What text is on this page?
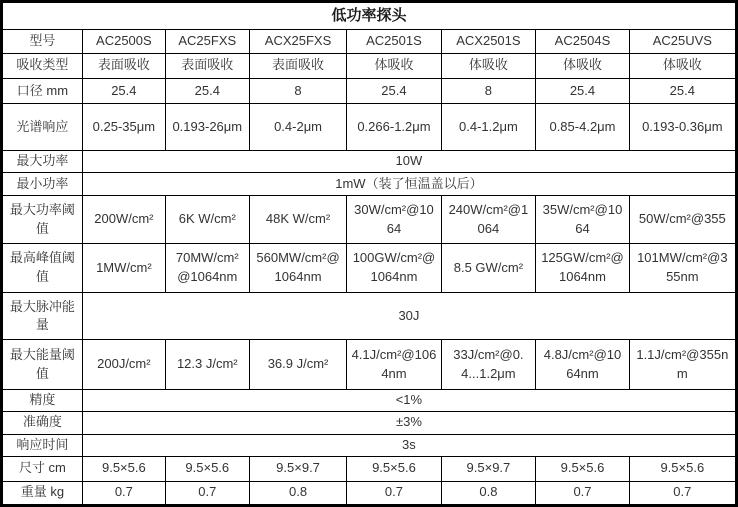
低功率探头							
型号	AC2500S	AC25FXS	ACX25FXS	AC2501S	ACX2501S	AC2504S	AC25UVS
吸收类型	表面吸收	表面吸收	表面吸收	体吸收	体吸收	体吸收	体吸收
口径 mm	25.4	25.4	8	25.4	8	25.4	25.4
光谱响应	0.25-35μm	0.193-26μm	0.4-2μm	0.266-1.2μm	0.4-1.2μm	0.85-4.2μm	0.193-0.36μm
最大功率	10W						
最小功率	1mW（装了恒温盖以后）						
最大功率阈值	200W/cm²	6K W/cm²	48K W/cm²	30W/cm²@1064	240W/cm²@1064	35W/cm²@1064	50W/cm²@355
最高峰值阈值	1MW/cm²	70MW/cm²@1064nm	560MW/cm²@1064nm	100GW/cm²@1064nm	8.5 GW/cm²	125GW/cm²@1064nm	101MW/cm²@355nm
最大脉冲能量	30J						
最大能量阈值	200J/cm²	12.3 J/cm²	36.9 J/cm²	4.1J/cm²@1064nm	33J/cm²@0.4...1.2μm	4.8J/cm²@1064nm	1.1J/cm²@355nm
精度	<1%						
准确度	±3%						
响应时间	3s						
尺寸 cm	9.5×5.6	9.5×5.6	9.5×9.7	9.5×5.6	9.5×9.7	9.5×5.6	9.5×5.6
重量 kg	0.7	0.7	0.8	0.7	0.8	0.7	0.7
